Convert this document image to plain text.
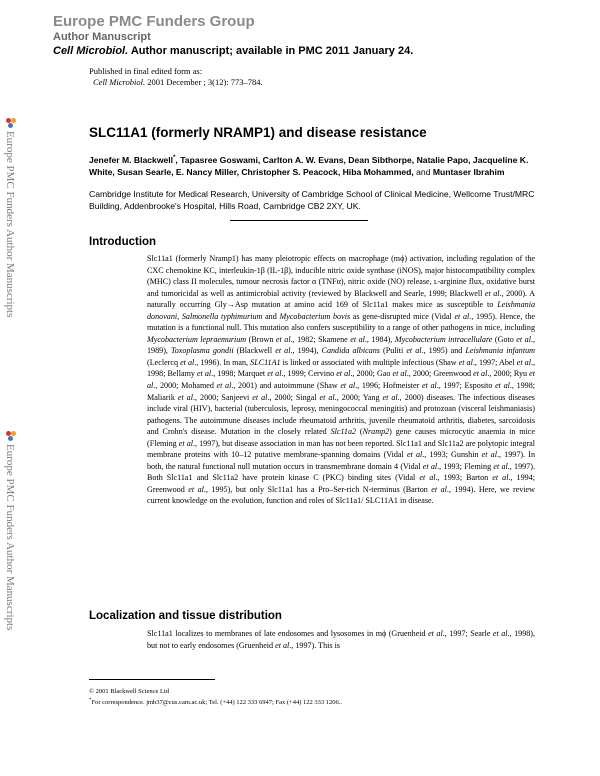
Europe PMC Funders Group
Author Manuscript
Cell Microbiol. Author manuscript; available in PMC 2011 January 24.
Published in final edited form as:
Cell Microbiol. 2001 December ; 3(12): 773–784.
Europe PMC Funders Author Manuscripts
Europe PMC Funders Author Manuscripts
SLC11A1 (formerly NRAMP1) and disease resistance
Jenefer M. Blackwell*, Tapasree Goswami, Carlton A. W. Evans, Dean Sibthorpe, Natalie Papo, Jacqueline K. White, Susan Searle, E. Nancy Miller, Christopher S. Peacock, Hiba Mohammed, and Muntaser Ibrahim
Cambridge Institute for Medical Research, University of Cambridge School of Clinical Medicine, Wellcome Trust/MRC Building, Addenbrooke's Hospital, Hills Road, Cambridge CB2 2XY, UK.
Introduction
Slc11a1 (formerly Nramp1) has many pleiotropic effects on macrophage (mϕ) activation, including regulation of the CXC chemokine KC, interleukin-1β (IL-1β), inducible nitric oxide synthase (iNOS), major histocompatibility complex (MHC) class II molecules, tumour necrosis factor α (TNFα), nitric oxide (NO) release, ʟ-arginine flux, oxidative burst and tumoricidal as well as antimicrobial activity (reviewed by Blackwell and Searle, 1999; Blackwell et al., 2000). A naturally occurring Gly→Asp mutation at amino acid 169 of Slc11a1 makes mice as susceptible to Leishmania donovani, Salmonella typhimurium and Mycobacterium bovis as gene-disrupted mice (Vidal et al., 1995). Hence, the mutation is a functional null. This mutation also confers susceptibility to a range of other pathogens in mice, including Mycobacterium lepraemurium (Brown et al., 1982; Skamene et al., 1984), Mycobacterium intracellulare (Goto et al., 1989), Toxoplasma gondii (Blackwell et al., 1994), Candida albicans (Puliti et al., 1995) and Leishmania infantum (Leclercq et al., 1996). In man, SLC11A1 is linked or associated with multiple infectious (Shaw et al., 1997; Abel et al., 1998; Bellamy et al., 1998; Marquet et al., 1999; Cervino et al., 2000; Gao et al., 2000; Greenwood et al., 2000; Ryu et al., 2000; Mohamed et al., 2001) and autoimmune (Shaw et al., 1996; Hofmeister et al., 1997; Esposito et al., 1998; Maliarik et al., 2000; Sanjeevi et al., 2000; Singal et al., 2000; Yang et al., 2000) diseases. The infectious diseases include viral (HIV), bacterial (tuberculosis, leprosy, meningococcal meningitis) and protozoan (visceral leishmaniasis) pathogens. The autoimmune diseases include rheumatoid arthritis, juvenile rheumatoid arthritis, diabetes, sarcoidosis and Crohn's disease. Mutation in the closely related Slc11a2 (Nramp2) gene causes microcytic anaemia in mice (Fleming et al., 1997), but disease association in man has not been reported. Slc11a1 and Slc11a2 are polytopic integral membrane proteins with 10–12 putative membrane-spanning domains (Vidal et al., 1993; Gunshin et al., 1997). In both, the natural functional null mutation occurs in transmembrane domain 4 (Vidal et al., 1993; Fleming et al., 1997). Both Slc11a1 and Slc11a2 have protein kinase C (PKC) binding sites (Vidal et al., 1993; Barton et al., 1994; Greenwood et al., 1995), but only Slc11a1 has a Pro–Ser-rich N-terminus (Barton et al., 1994). Here, we review current knowledge on the evolution, function and roles of Slc11a1/ SLC11A1 in disease.
Localization and tissue distribution
Slc11a1 localizes to membranes of late endosomes and lysosomes in mϕ (Gruenheid et al., 1997; Searle et al., 1998), but not to early endosomes (Gruenheid et al., 1997). This is
© 2001 Blackwell Science Ltd
*For correspondence. jmb37@cus.cam.ac.uk; Tel. (+44) 122 333 6947; Fax (+44) 122 333 1206..
